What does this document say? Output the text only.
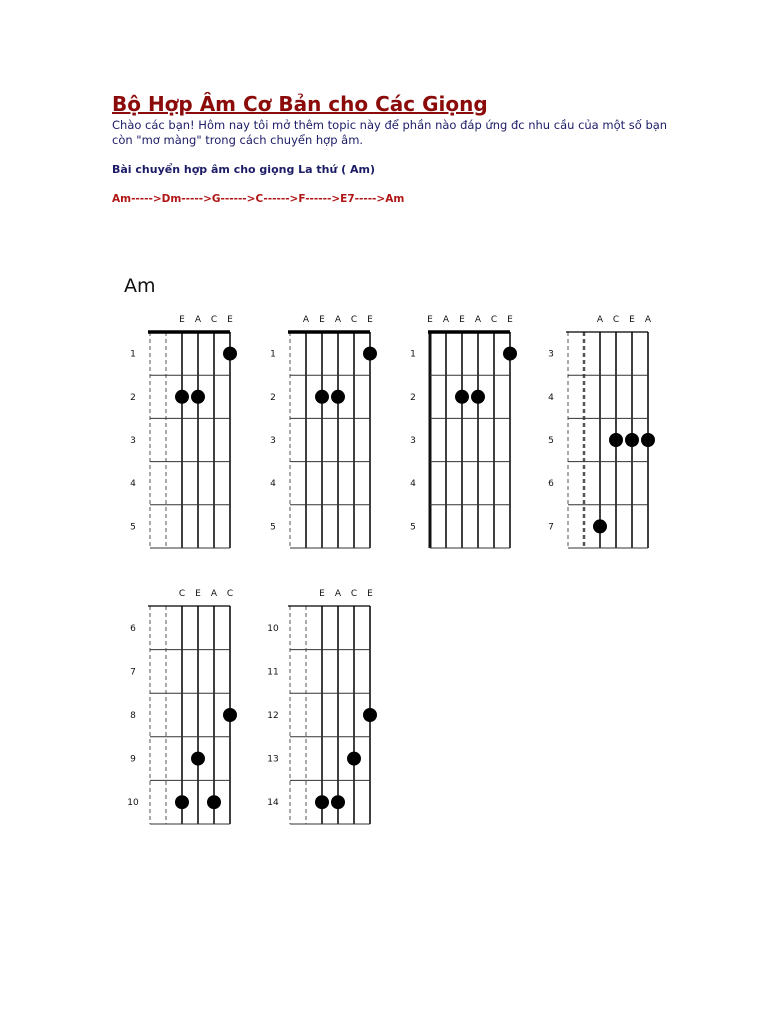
Bộ Hợp Âm Cơ Bản cho Các Giọng

Chào các bạn! Hôm nay tôi mở thêm topic này để phần nào đáp ứng đc nhu cầu của một số bạn còn "mơ màng" trong cách chuyển hợp âm.

Bài chuyển hợp âm cho giọng La thứ ( Am)

Am----->Dm----->G------>C------>F------>E7----->Am

Am
E A C E
1
2
3
4
5
A E A C E
1
2
3
4
5
E A E A C E
1
2
3
4
5
A C E A
3
4
5
6
7
C E A C
6
7
8
9
10
E A C E
10
11
12
13
14
